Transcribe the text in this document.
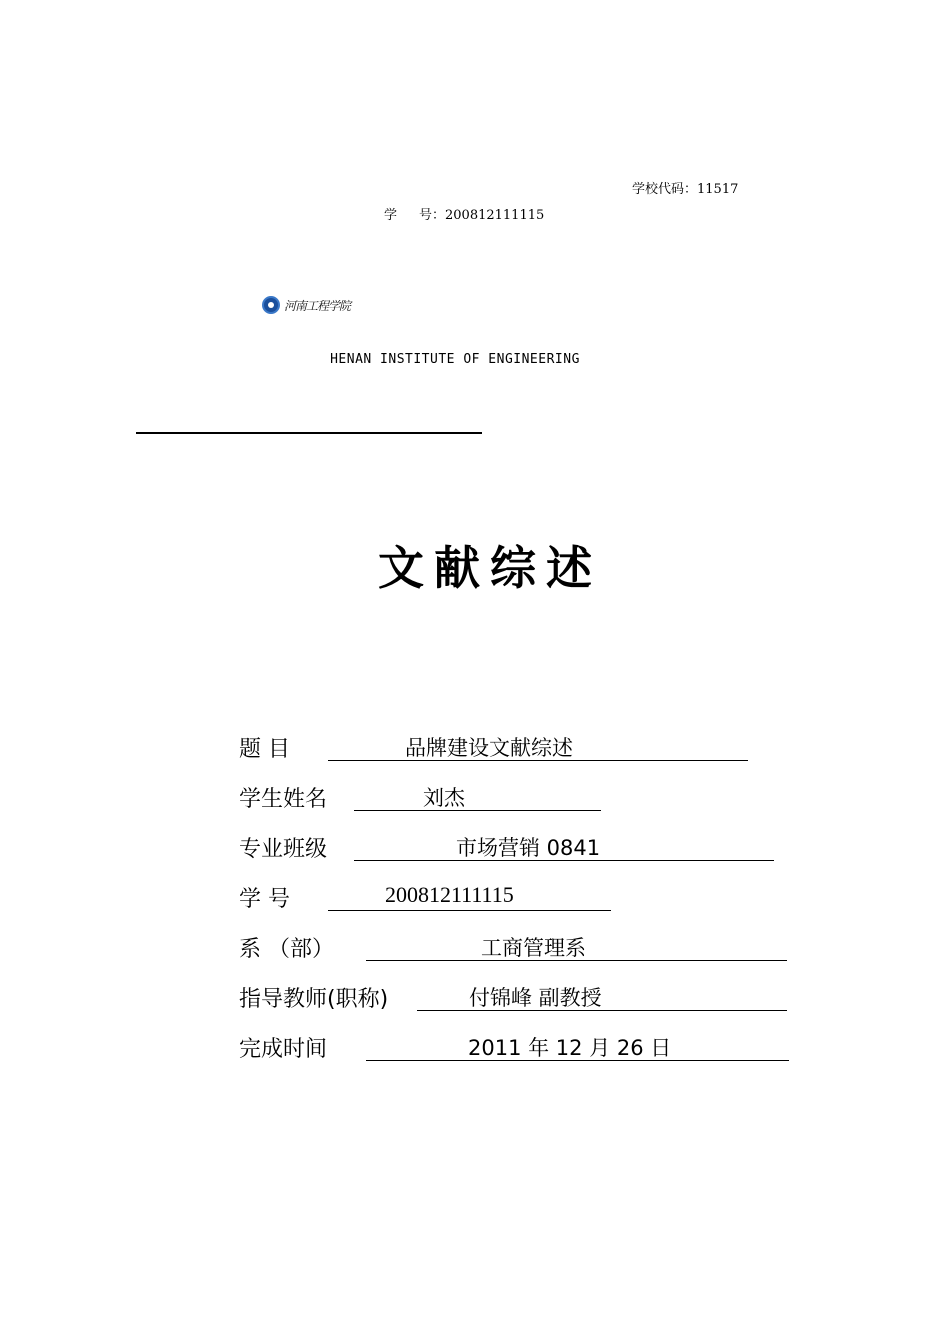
学校代码：11517
学 号：200812111115
河南工程学院
HENAN INSTITUTE OF ENGINEERING
文献综述
题 目	品牌建设文献综述
学生姓名	刘杰
专业班级	市场营销 0841
学 号	200812111115
系 （部）	工商管理系
指导教师(职称)	付锦峰 副教授
完成时间	2011 年 12 月 26 日
